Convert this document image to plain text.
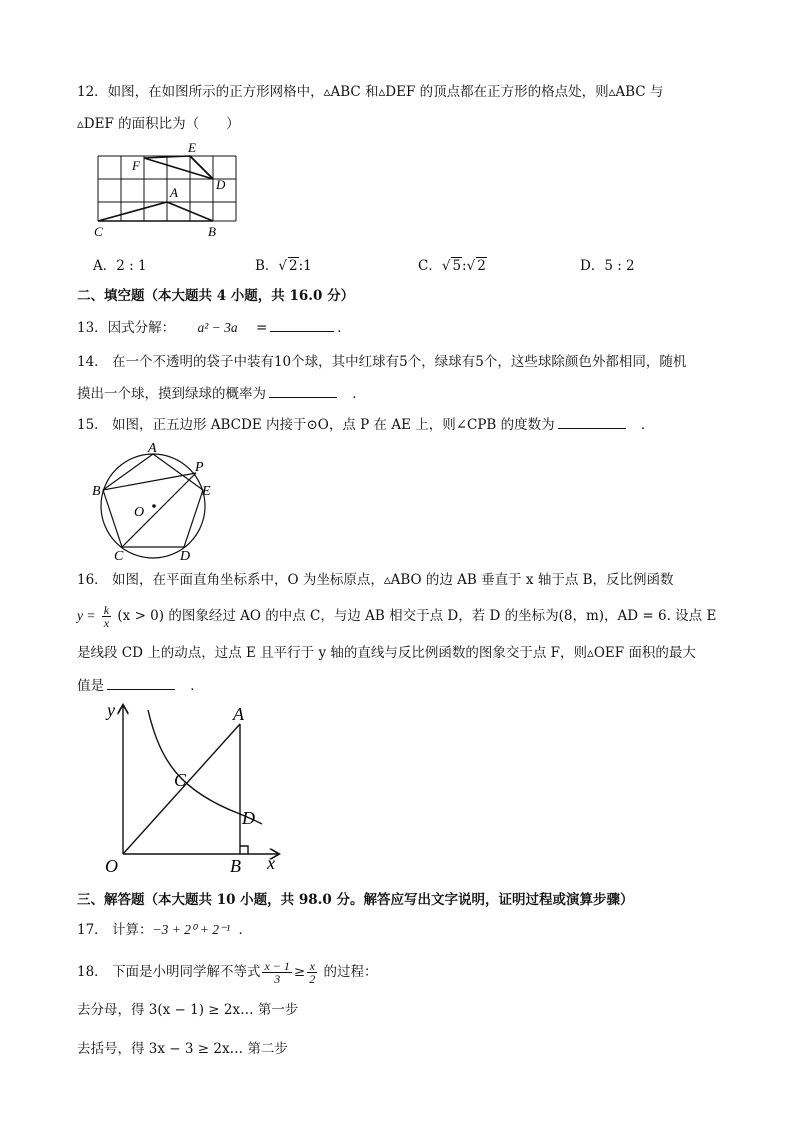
12．如图，在如图所示的正方形网格中，▵ABC 和▵DEF 的顶点都在正方形的格点处，则▵ABC 与
▵DEF 的面积比为（　　）
E
F
D
A
C	B
A．2 : 1	B．√ 2:1	C．√ 5:√ 2	D．5 : 2
二、填空题（本大题共 4 小题，共 16.0 分）
13．因式分解： a² − 3a =	．
14． 在一个不透明的袋子中装有10个球，其中红球有5个，绿球有5个，这些球除颜色外都相同，随机
摸出一个球，摸到绿球的概率为	．
15． 如图，正五边形 ABCDE 内接于⊙O，点 P 在 AE 上，则∠CPB 的度数为	．
A
P
B	E
O
C	D
16． 如图，在平面直角坐标系中，O 为坐标原点，▵ABO 的边 AB 垂直于 x 轴于点 B，反比例函数
$y = \frac{k}{x} (x > 0)$ 的图象经过 AO 的中点 C，与边 AB 相交于点 D，若 D 的坐标为(8，m)，AD = 6. 设点 E
是线段 CD 上的动点，过点 E 且平行于 y 轴的直线与反比例函数的图象交于点 F，则▵OEF 面积的最大
值是	．
y	A
C
D
O	B x
三、解答题（本大题共 10 小题，共 98.0 分。解答应写出文字说明，证明过程或演算步骤）
17． 计算：−3 + 2⁰ + 2⁻¹ ．
18． 下面是小明同学解不等式 $\frac{x - 1}{3} \ge \frac{x}{2}$ 的过程：
去分母，得 3(x − 1) ≥ 2x… 第一步
去括号，得 3x − 3 ≥ 2x… 第二步
